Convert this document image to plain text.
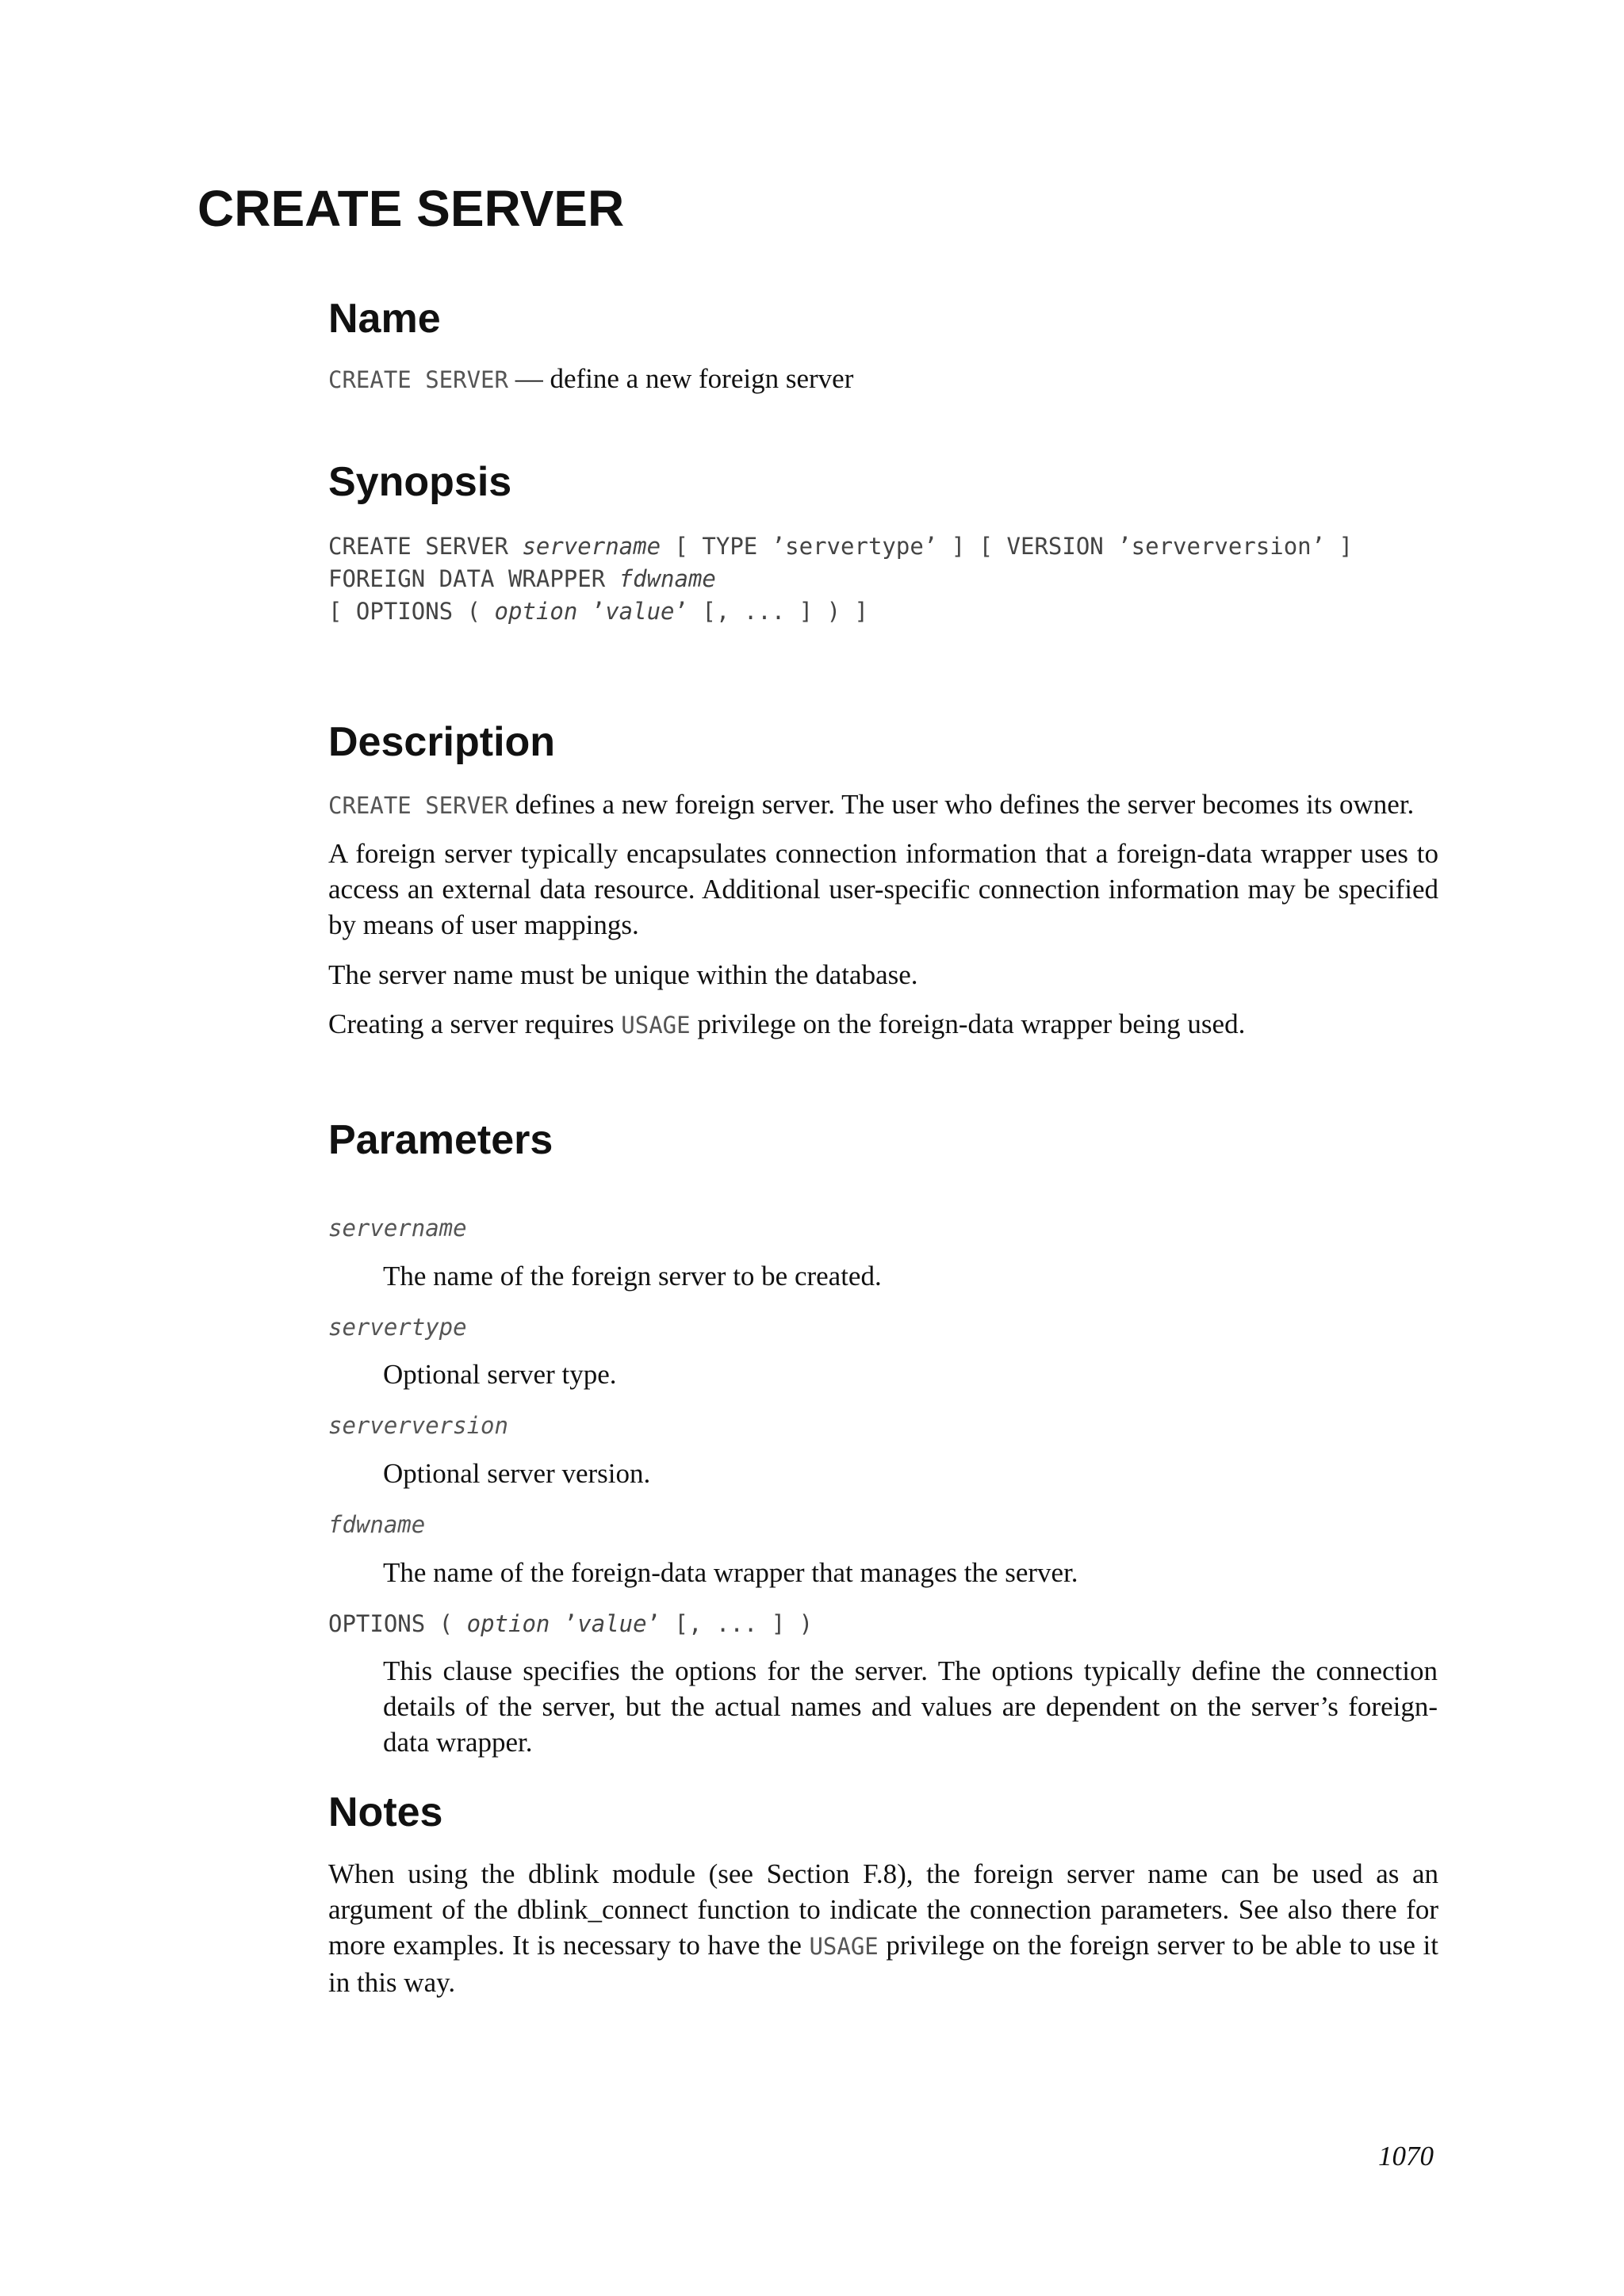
CREATE SERVER
Name
CREATE SERVER — define a new foreign server
Synopsis
CREATE SERVER servername [ TYPE ’servertype’ ] [ VERSION ’serverversion’ ]
FOREIGN DATA WRAPPER fdwname
[ OPTIONS ( option ’value’ [, ... ] ) ]
Description
CREATE SERVER defines a new foreign server. The user who defines the server becomes its owner.
A foreign server typically encapsulates connection information that a foreign-data wrapper uses to access an external data resource. Additional user-specific connection information may be specified by means of user mappings.
The server name must be unique within the database.
Creating a server requires USAGE privilege on the foreign-data wrapper being used.
Parameters
servername
The name of the foreign server to be created.
servertype
Optional server type.
serverversion
Optional server version.
fdwname
The name of the foreign-data wrapper that manages the server.
OPTIONS ( option ’value’ [, ... ] )
This clause specifies the options for the server. The options typically define the connection details of the server, but the actual names and values are dependent on the server’s foreign-data wrapper.
Notes
When using the dblink module (see Section F.8), the foreign server name can be used as an argument of the dblink_connect function to indicate the connection parameters. See also there for more examples. It is necessary to have the USAGE privilege on the foreign server to be able to use it in this way.
1070
